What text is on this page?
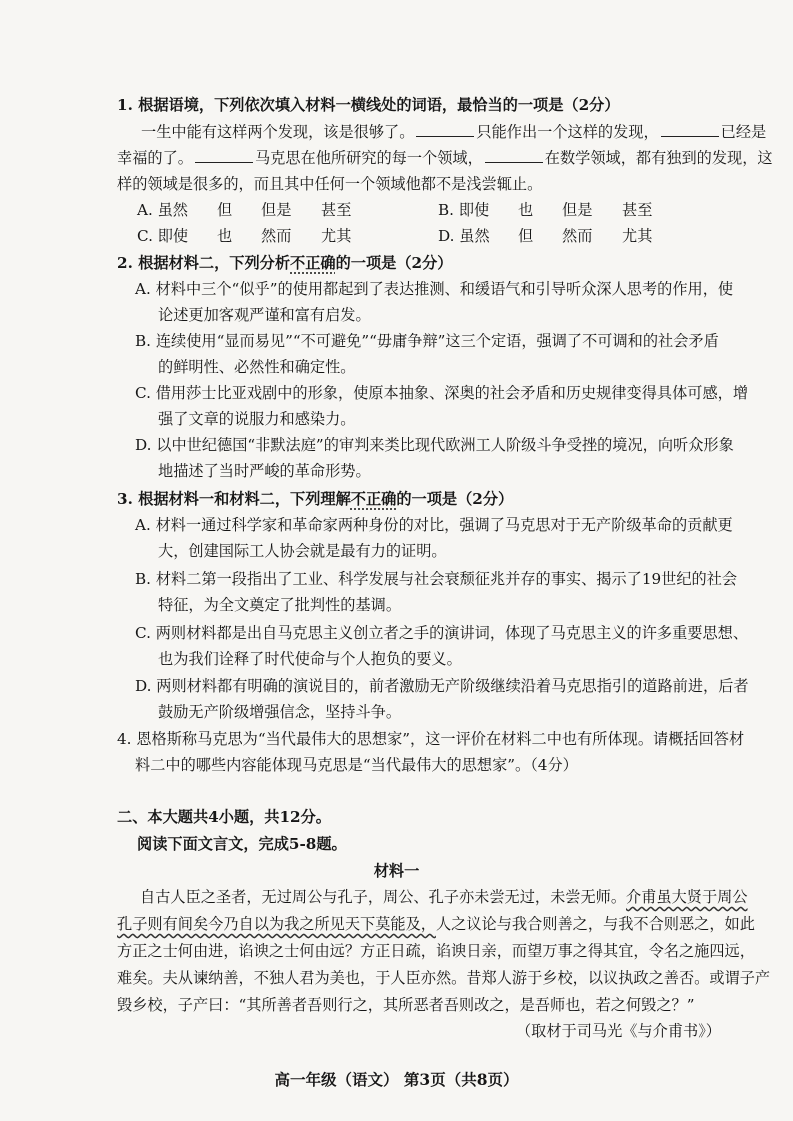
1. 根据语境，下列依次填入材料一横线处的词语，最恰当的一项是（2分）
一生中能有这样两个发现，该是很够了。	只能作出一个这样的发现，	已经是
幸福的了。	马克思在他所研究的每一个领域，	在数学领域，都有独到的发现，这
样的领域是很多的，而且其中任何一个领域他都不是浅尝辄止。
A. 虽然 但 但是 甚至	B. 即使 也 但是 甚至
C. 即使 也 然而 尤其	D. 虽然 但 然而 尤其
2. 根据材料二，下列分析不正确的一项是（2分）
A. 材料中三个“似乎”的使用都起到了表达推测、和缓语气和引导听众深人思考的作用，使
论述更加客观严谨和富有启发。
B. 连续使用“显而易见”“不可避免”“毋庸争辩”这三个定语，强调了不可调和的社会矛盾
的鲜明性、必然性和确定性。
C. 借用莎士比亚戏剧中的形象，使原本抽象、深奥的社会矛盾和历史规律变得具体可感，增
强了文章的说服力和感染力。
D. 以中世纪德国“非默法庭”的审判来类比现代欧洲工人阶级斗争受挫的境况，向听众形象
地描述了当时严峻的革命形势。
3. 根据材料一和材料二，下列理解不正确的一项是（2分）
A. 材料一通过科学家和革命家两种身份的对比，强调了马克思对于无产阶级革命的贡献更
大，创建国际工人协会就是最有力的证明。
B. 材料二第一段指出了工业、科学发展与社会衰颓征兆并存的事实、揭示了19世纪的社会
特征，为全文奠定了批判性的基调。
C. 两则材料都是出自马克思主义创立者之手的演讲词，体现了马克思主义的许多重要思想、
也为我们诠释了时代使命与个人抱负的要义。
D. 两则材料都有明确的演说目的，前者激励无产阶级继续沿着马克思指引的道路前进，后者
鼓励无产阶级增强信念，坚持斗争。
4. 恩格斯称马克思为“当代最伟大的思想家”，这一评价在材料二中也有所体现。请概括回答材
料二中的哪些内容能体现马克思是“当代最伟大的思想家”。（4分）
二、本大题共4小题，共12分。
阅读下面文言文，完成5-8题。
材料一
自古人臣之圣者，无过周公与孔子，周公、孔子亦未尝无过，未尝无师。介甫虽大贤于周公
孔子则有间矣今乃自以为我之所见天下莫能及，人之议论与我合则善之，与我不合则恶之，如此
方正之士何由进，谄谀之士何由远？方正日疏，谄谀日亲，而望万事之得其宜，令名之施四远，
难矣。夫从谏纳善，不独人君为美也，于人臣亦然。昔郑人游于乡校，以议执政之善否。或谓子产
毁乡校，子产曰：“其所善者吾则行之，其所恶者吾则改之，是吾师也，若之何毁之？”
（取材于司马光《与介甫书》）
高一年级（语文） 第3页（共8页）
